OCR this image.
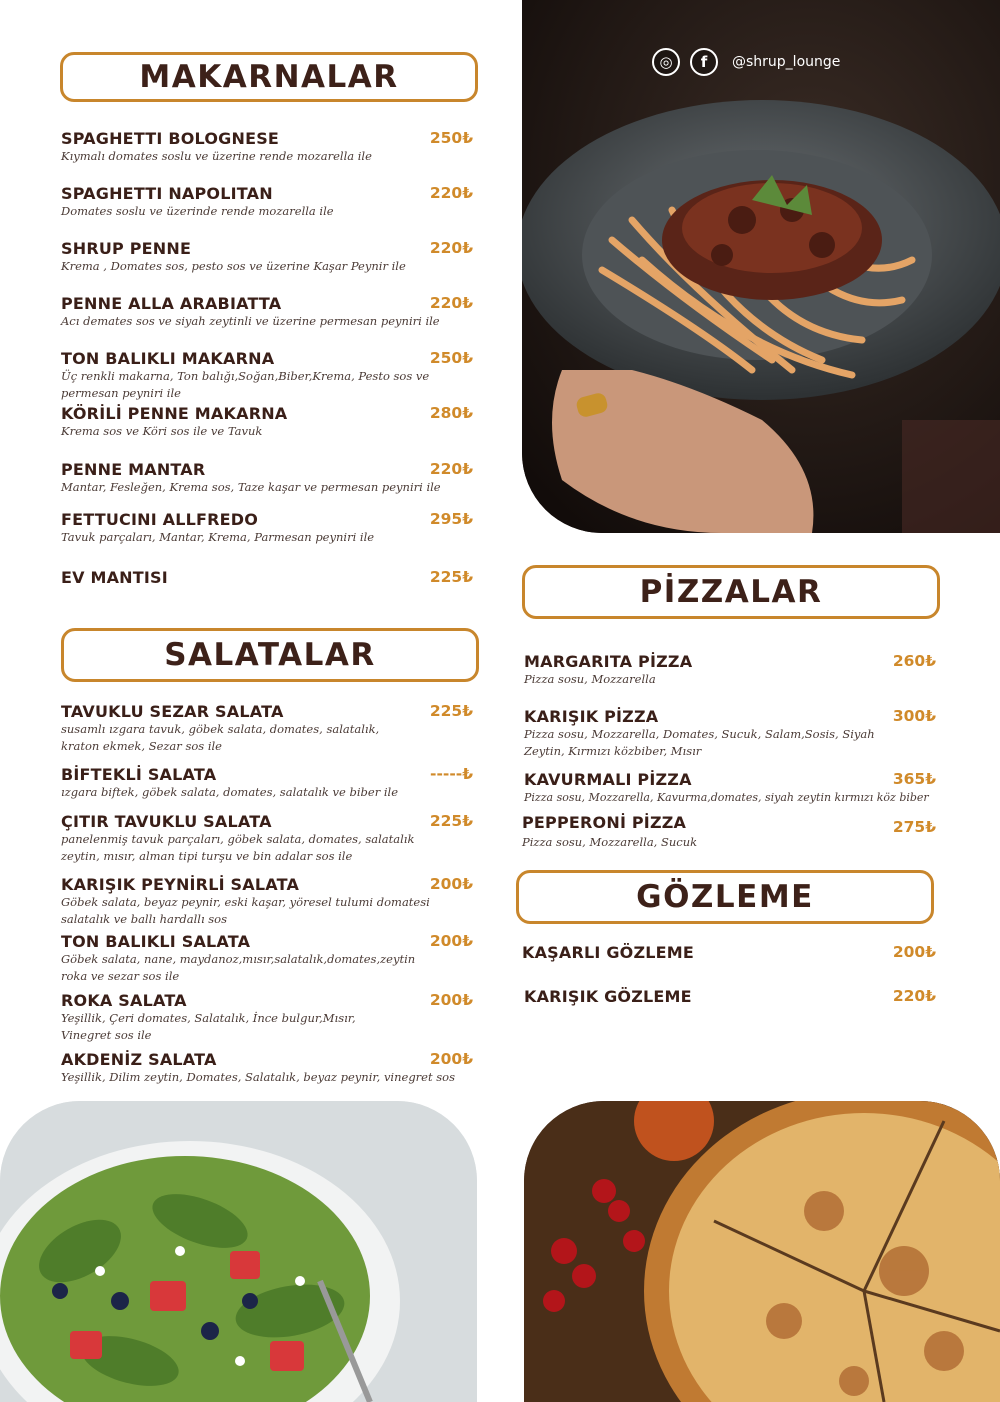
◎	f	@shrup_lounge
MAKARNALAR
SPAGHETTI BOLOGNESE	250₺
Kıymalı domates soslu ve üzerine rende mozarella ile
SPAGHETTI NAPOLITAN	220₺
Domates soslu ve üzerinde rende mozarella ile
SHRUP PENNE	220₺
Krema , Domates sos, pesto sos ve üzerine Kaşar Peynir ile
PENNE ALLA ARABIATTA	220₺
Acı demates sos ve siyah zeytinli ve üzerine permesan peyniri ile
TON BALIKLI MAKARNA	250₺
Üç renkli makarna, Ton balığı,Soğan,Biber,Krema, Pesto sos ve permesan peyniri ile
KÖRİLİ PENNE MAKARNA	280₺
Krema sos ve Köri sos ile ve Tavuk
PENNE MANTAR	220₺
Mantar, Fesleğen, Krema sos, Taze kaşar ve permesan peyniri ile
FETTUCINI ALLFREDO	295₺
Tavuk parçaları, Mantar, Krema, Parmesan peyniri ile
EV MANTISI	225₺
SALATALAR
TAVUKLU SEZAR SALATA	225₺
susamlı ızgara tavuk, göbek salata, domates, salatalık, kraton ekmek, Sezar sos ile
BİFTEKLİ SALATA	-----₺
ızgara biftek, göbek salata, domates, salatalık ve biber ile
ÇITIR TAVUKLU SALATA	225₺
panelenmiş tavuk parçaları, göbek salata, domates, salatalık zeytin, mısır, alman tipi turşu ve bin adalar sos ile
KARIŞIK PEYNİRLİ SALATA	200₺
Göbek salata, beyaz peynir, eski kaşar, yöresel tulumi domatesi salatalık ve ballı hardallı sos
TON BALIKLI SALATA	200₺
Göbek salata, nane, maydanoz,mısır,salatalık,domates,zeytin roka ve sezar sos ile
ROKA SALATA	200₺
Yeşillik, Çeri domates, Salatalık, İnce bulgur,Mısır, Vinegret sos ile
AKDENİZ SALATA	200₺
Yeşillik, Dilim zeytin, Domates, Salatalık, beyaz peynir, vinegret sos
PİZZALAR
MARGARITA PİZZA	260₺
Pizza sosu, Mozzarella
KARIŞIK PİZZA	300₺
Pizza sosu, Mozzarella, Domates, Sucuk, Salam,Sosis, Siyah Zeytin, Kırmızı közbiber, Mısır
KAVURMALI PİZZA	365₺
Pizza sosu, Mozzarella, Kavurma,domates, siyah zeytin kırmızı köz biber
PEPPERONİ PİZZA	275₺
Pizza sosu, Mozzarella, Sucuk
GÖZLEME
KAŞARLI GÖZLEME	200₺
KARIŞIK GÖZLEME	220₺
